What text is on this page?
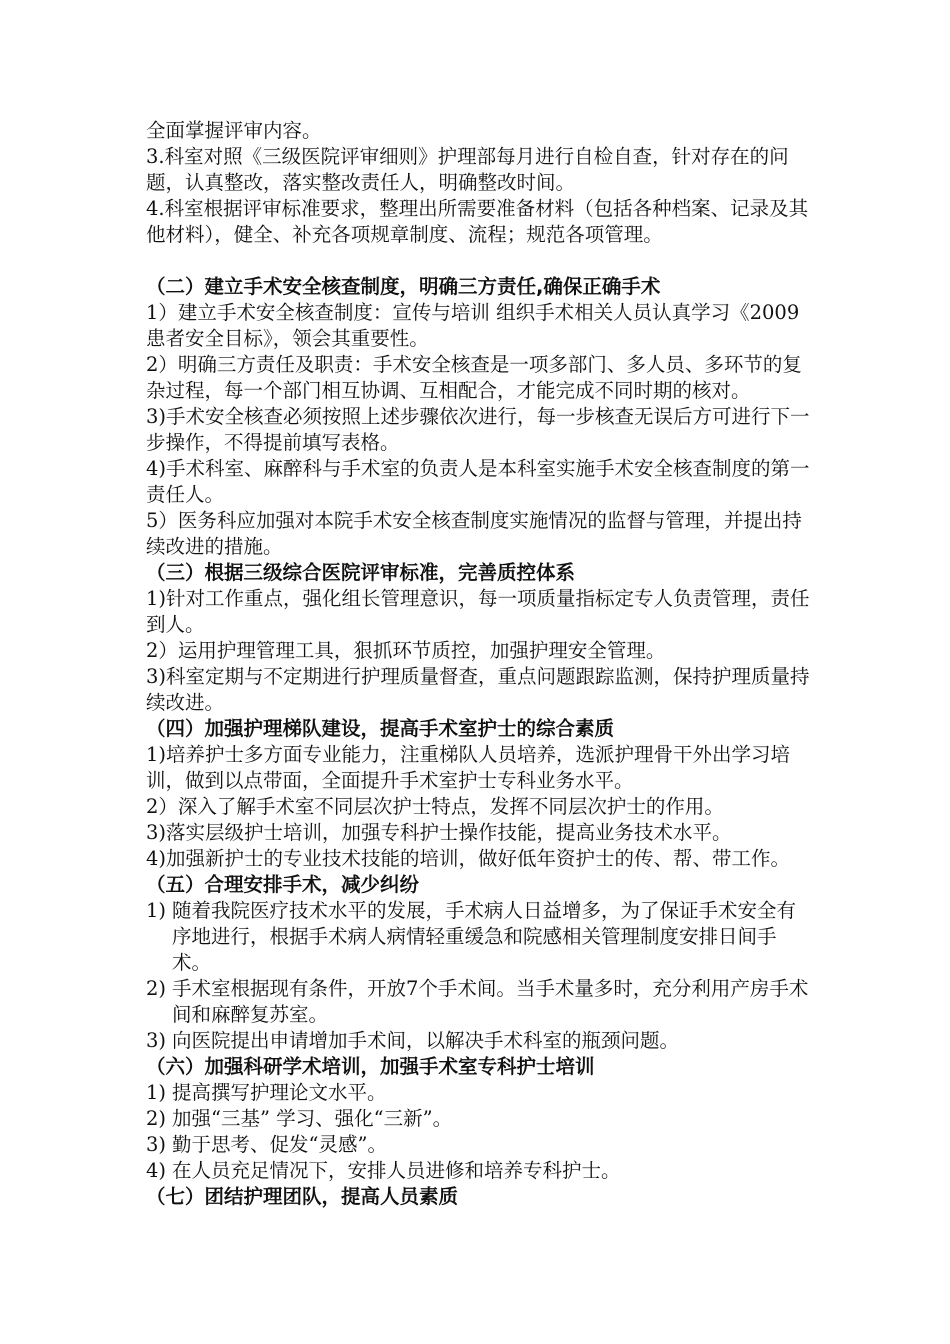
全面掌握评审内容。

3.科室对照《三级医院评审细则》护理部每月进行自检自查，针对存在的问题，认真整改，落实整改责任人，明确整改时间。

4.科室根据评审标准要求，整理出所需要准备材料（包括各种档案、记录及其他材料），健全、补充各项规章制度、流程；规范各项管理。

（二）建立手术安全核查制度，明确三方责任,确保正确手术

1）建立手术安全核查制度：宣传与培训 组织手术相关人员认真学习《2009患者安全目标》，领会其重要性。

2）明确三方责任及职责：手术安全核查是一项多部门、多人员、多环节的复杂过程，每一个部门相互协调、互相配合，才能完成不同时期的核对。

3)手术安全核查必须按照上述步骤依次进行，每一步核查无误后方可进行下一步操作，不得提前填写表格。

4)手术科室、麻醉科与手术室的负责人是本科室实施手术安全核查制度的第一责任人。

5）医务科应加强对本院手术安全核查制度实施情况的监督与管理，并提出持续改进的措施。

（三）根据三级综合医院评审标准，完善质控体系

1)针对工作重点，强化组长管理意识，每一项质量指标定专人负责管理，责任到人。

2）运用护理管理工具，狠抓环节质控，加强护理安全管理。

3)科室定期与不定期进行护理质量督查，重点问题跟踪监测，保持护理质量持续改进。

（四）加强护理梯队建设，提高手术室护士的综合素质

1)培养护士多方面专业能力，注重梯队人员培养，选派护理骨干外出学习培训，做到以点带面，全面提升手术室护士专科业务水平。

2）深入了解手术室不同层次护士特点，发挥不同层次护士的作用。

3)落实层级护士培训，加强专科护士操作技能，提高业务技术水平。

4)加强新护士的专业技术技能的培训，做好低年资护士的传、帮、带工作。

（五）合理安排手术，减少纠纷

1) 随着我院医疗技术水平的发展，手术病人日益增多，为了保证手术安全有序地进行，根据手术病人病情轻重缓急和院感相关管理制度安排日间手术。
2) 手术室根据现有条件，开放7个手术间。当手术量多时，充分利用产房手术间和麻醉复苏室。
3) 向医院提出申请增加手术间，以解决手术科室的瓶颈问题。

（六）加强科研学术培训，加强手术室专科护士培训

1) 提高撰写护理论文水平。
2) 加强“三基” 学习、强化“三新”。
3) 勤于思考、促发“灵感”。
4) 在人员充足情况下，安排人员进修和培养专科护士。

（七）团结护理团队，提高人员素质
